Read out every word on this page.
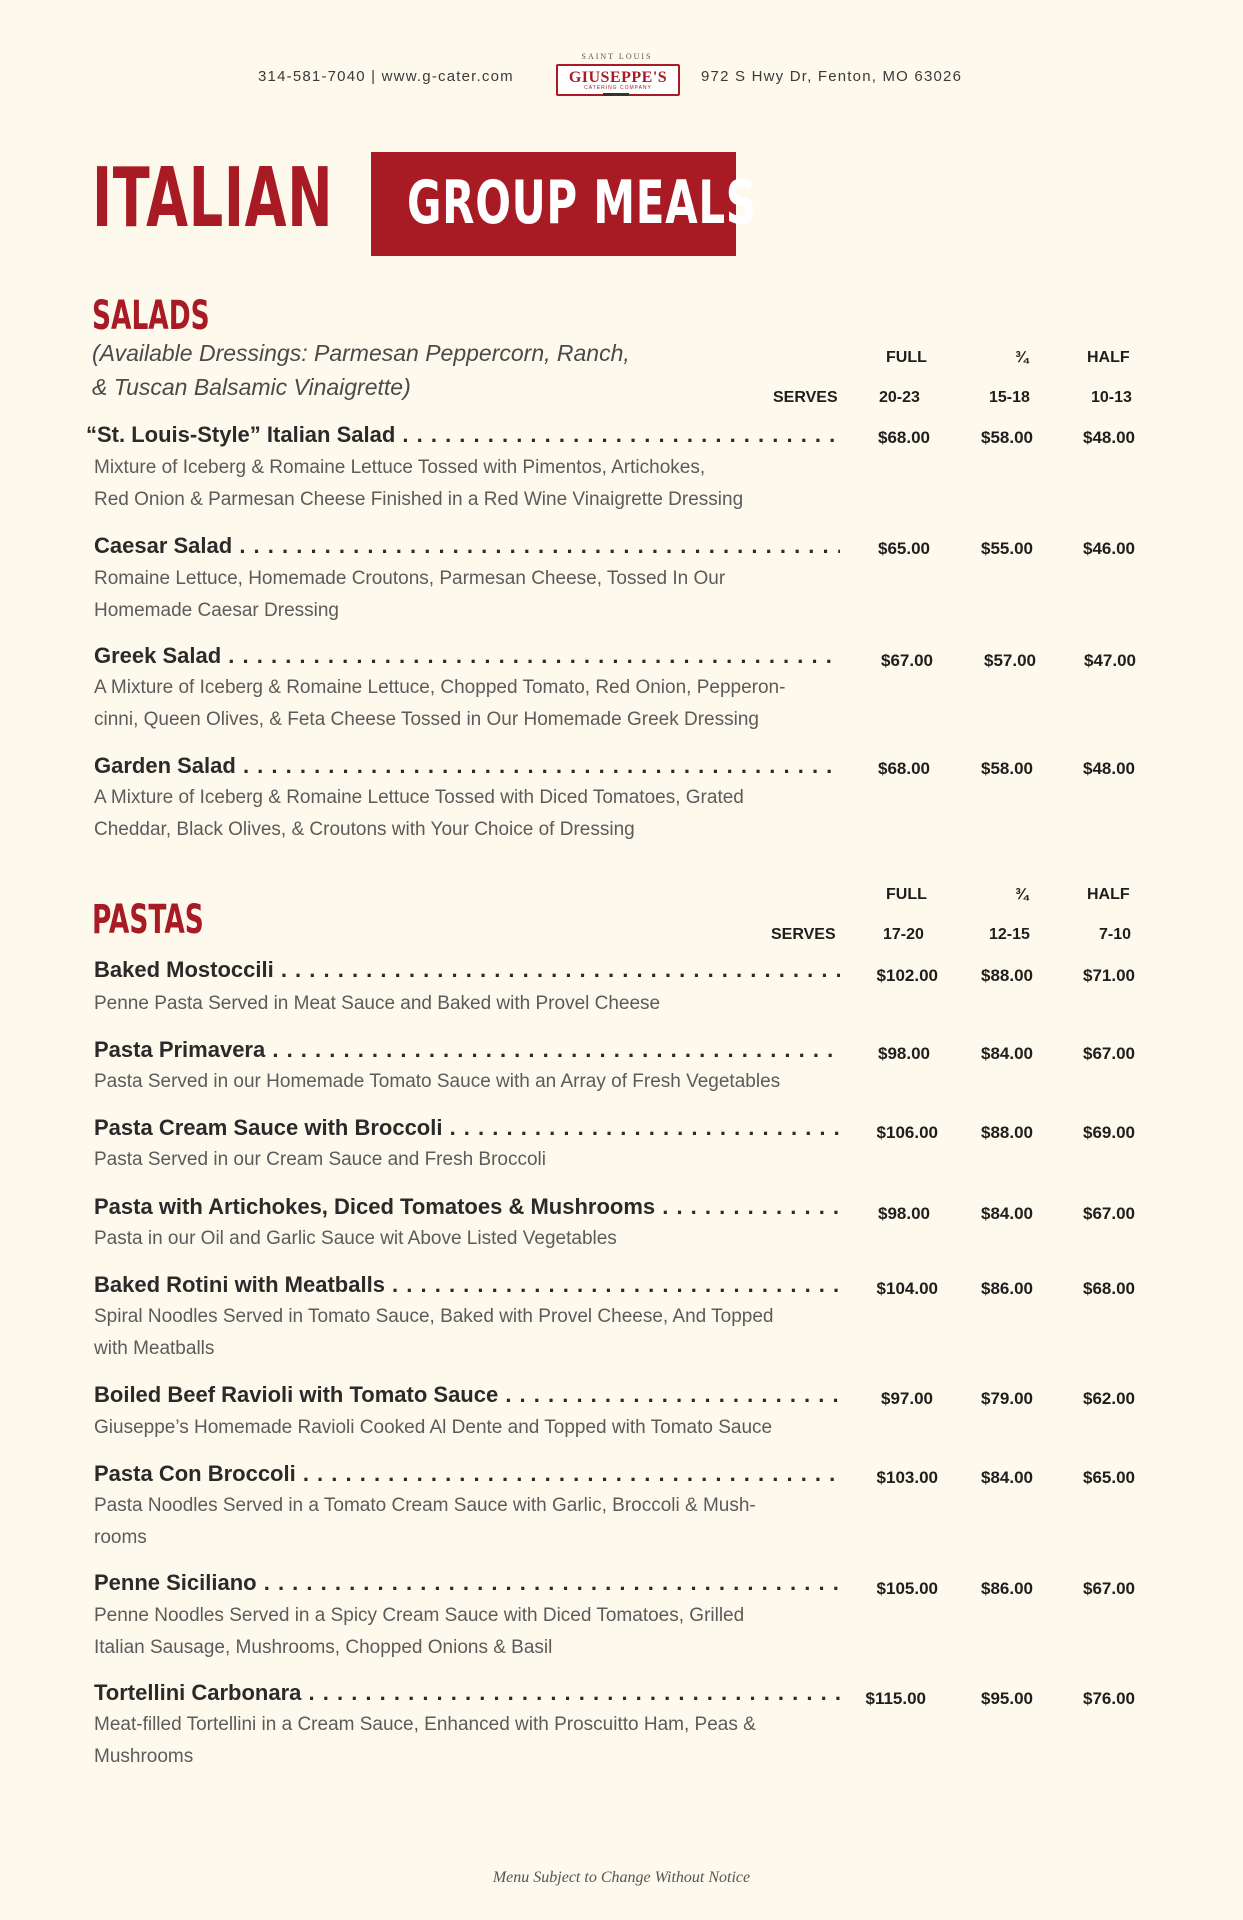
314-581-7040 | www.g-cater.com
SAINT LOUIS
GIUSEPPE'S
CATERING COMPANY
972 S Hwy Dr, Fenton, MO 63026
ITALIAN GROUP MEALS
SALADS
(Available Dressings: Parmesan Peppercorn, Ranch,
& Tuscan Balsamic Vinaigrette)
FULL	¾	HALF
SERVES	20-23	15-18	10-13
“St. Louis-Style” Italian Salad . . .	$68.00	$58.00	$48.00
Mixture of Iceberg & Romaine Lettuce Tossed with Pimentos, Artichokes,
Red Onion & Parmesan Cheese Finished in a Red Wine Vinaigrette Dressing
Caesar Salad . . .	$65.00	$55.00	$46.00
Romaine Lettuce, Homemade Croutons, Parmesan Cheese, Tossed In Our
Homemade Caesar Dressing
Greek Salad . . .	$67.00	$57.00	$47.00
A Mixture of Iceberg & Romaine Lettuce, Chopped Tomato, Red Onion, Pepperon-
cinni, Queen Olives, & Feta Cheese Tossed in Our Homemade Greek Dressing
Garden Salad . . .	$68.00	$58.00	$48.00
A Mixture of Iceberg & Romaine Lettuce Tossed with Diced Tomatoes, Grated
Cheddar, Black Olives, & Croutons with Your Choice of Dressing
PASTAS
FULL	¾	HALF
SERVES	17-20	12-15	7-10
Baked Mostoccili . . .	$102.00	$88.00	$71.00
Penne Pasta Served in Meat Sauce and Baked with Provel Cheese
Pasta Primavera . . .	$98.00	$84.00	$67.00
Pasta Served in our Homemade Tomato Sauce with an Array of Fresh Vegetables
Pasta Cream Sauce with Broccoli . . .	$106.00	$88.00	$69.00
Pasta Served in our Cream Sauce and Fresh Broccoli
Pasta with Artichokes, Diced Tomatoes & Mushrooms . . .	$98.00	$84.00	$67.00
Pasta in our Oil and Garlic Sauce wit Above Listed Vegetables
Baked Rotini with Meatballs . . .	$104.00	$86.00	$68.00
Spiral Noodles Served in Tomato Sauce, Baked with Provel Cheese, And Topped
with Meatballs
Boiled Beef Ravioli with Tomato Sauce . . .	$97.00	$79.00	$62.00
Giuseppe’s Homemade Ravioli Cooked Al Dente and Topped with Tomato Sauce
Pasta Con Broccoli . . .	$103.00	$84.00	$65.00
Pasta Noodles Served in a Tomato Cream Sauce with Garlic, Broccoli & Mush-
rooms
Penne Siciliano . . .	$105.00	$86.00	$67.00
Penne Noodles Served in a Spicy Cream Sauce with Diced Tomatoes, Grilled
Italian Sausage, Mushrooms, Chopped Onions & Basil
Tortellini Carbonara . . .	$115.00	$95.00	$76.00
Meat-filled Tortellini in a Cream Sauce, Enhanced with Proscuitto Ham, Peas &
Mushrooms
Menu Subject to Change Without Notice
